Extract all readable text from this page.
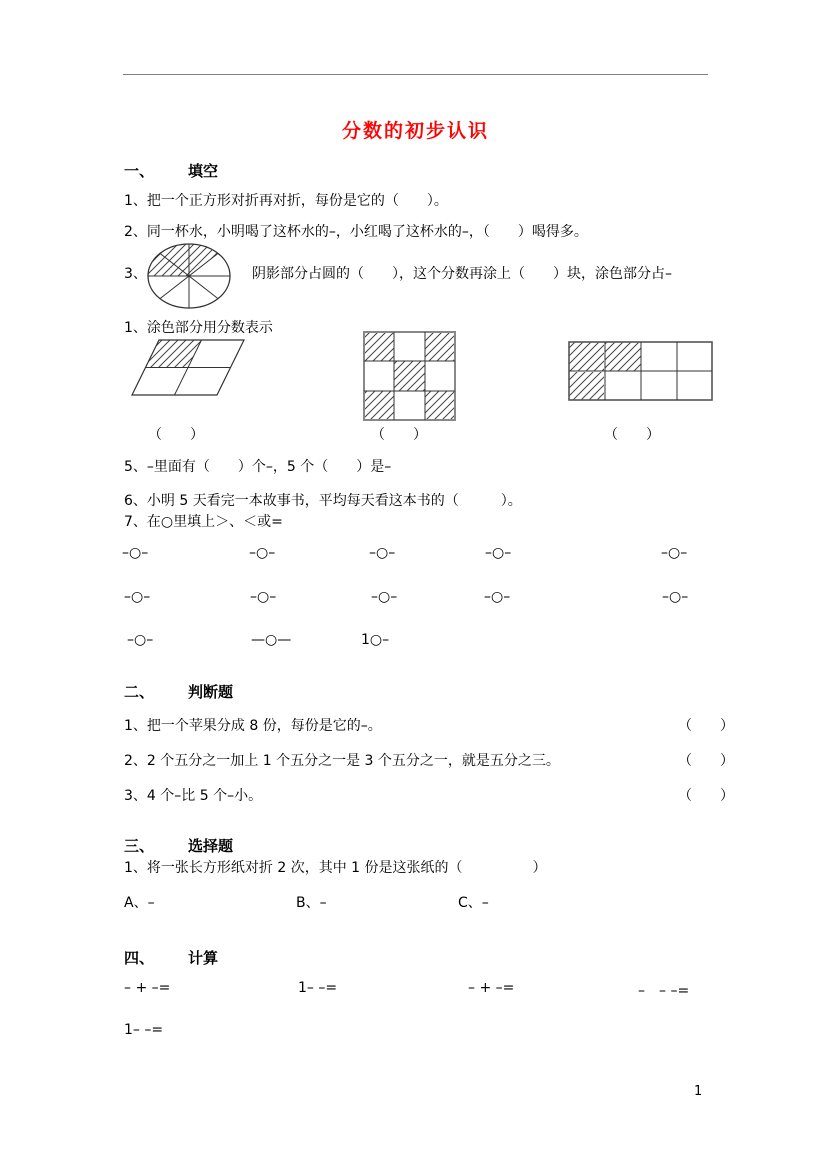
分数的初步认识
一、 填空
1、把一个正方形对折再对折，每份是它的（　　）。
2、同一杯水，小明喝了这杯水的–，小红喝了这杯水的–，（　　）喝得多。
3、	阴影部分占圆的（　　），这个分数再涂上（　　）块，涂色部分占–
1、涂色部分用分数表示
（　　）	（　　）	（　　）
5、–里面有（　　）个–，5 个（　　）是–
6、小明 5 天看完一本故事书，平均每天看这本书的（　　　）。
7、在○里填上＞、＜或=
–○–	–○–	–○–	–○–	–○–
–○–	–○–	–○–	–○–	–○–
–○–	—○—	1○–
二、 判断题
1、把一个苹果分成 8 份，每份是它的–。	（　　）
2、2 个五分之一加上 1 个五分之一是 3 个五分之一，就是五分之三。	（　　）
3、4 个–比 5 个–小。	（　　）
三、 选择题
1、将一张长方形纸对折 2 次，其中 1 份是这张纸的（　　　　　）
A、–	B、–	C、–
四、 计算
– + –=	1– –=	– + –=	–　– –=
1– –=
1
